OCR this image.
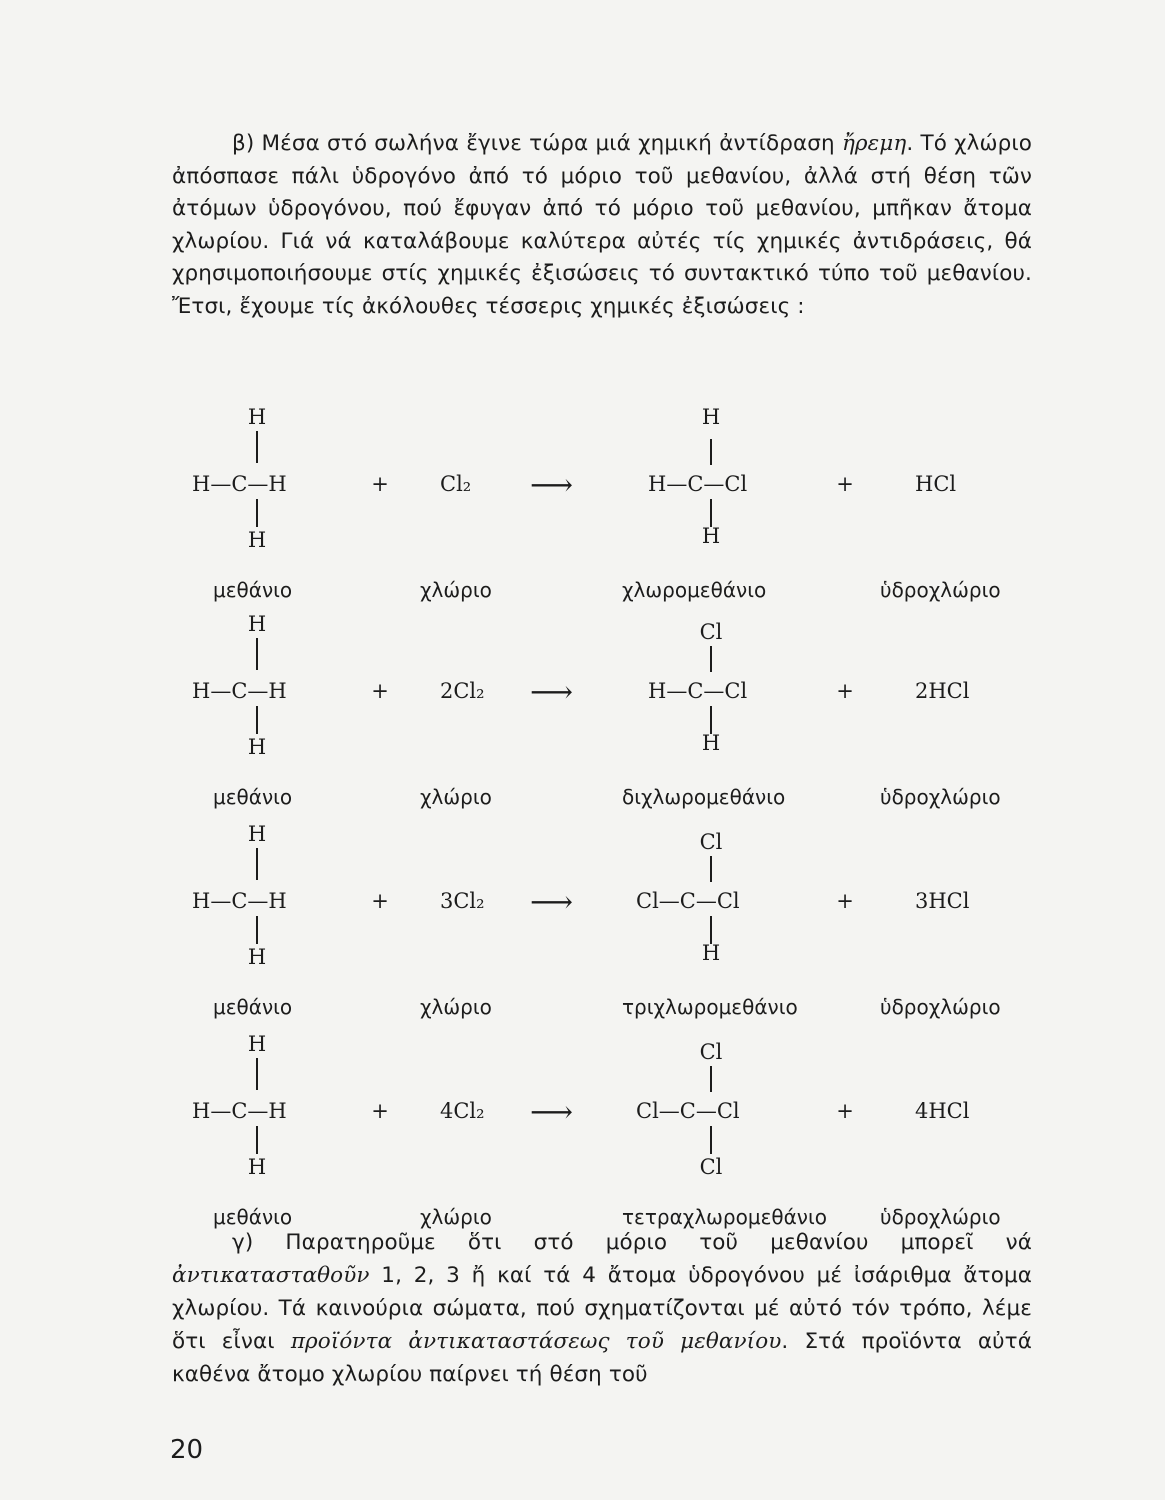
β) Μέσα στό σωλήνα ἔγινε τώρα μιά χημική ἀντίδραση ἤρεμη. Τό χλώριο ἀπόσπασε πάλι ὑδρογόνο ἀπό τό μόριο τοῦ μεθανίου, ἀλλά στή θέση τῶν ἀτόμων ὑδρογόνου, πού ἔφυγαν ἀπό τό μόριο τοῦ μεθανίου, μπῆκαν ἄτομα χλωρίου. Γιά νά καταλάβουμε καλύτερα αὐτές τίς χημικές ἀντιδράσεις, θά χρησιμοποιήσουμε στίς χημικές ἐξισώσεις τό συντακτικό τύπο τοῦ μεθανίου. Ἔτσι, ἔχουμε τίς ἀκόλουθες τέσσερις χημικές ἐξισώσεις :

H
H—C—H
H
+ Cl₂ ⟶
H
H—C—Cl
H
+	HCl
μεθάνιο	χλώριο	χλωρομεθάνιο	ὑδροχλώριο
H
H—C—H
H
+ 2Cl₂ ⟶
Cl
H—C—Cl
H
+	2HCl
μεθάνιο	χλώριο	διχλωρομεθάνιο	ὑδροχλώριο
H
H—C—H
H
+ 3Cl₂ ⟶
Cl
Cl—C—Cl
H
+	3HCl
μεθάνιο	χλώριο	τριχλωρομεθάνιο	ὑδροχλώριο
H
H—C—H
H
+ 4Cl₂ ⟶
Cl
Cl—C—Cl
Cl
+	4HCl
μεθάνιο	χλώριο	τετραχλωρομεθάνιο	ὑδροχλώριο

γ) Παρατηροῦμε ὅτι στό μόριο τοῦ μεθανίου μπορεῖ νά ἀντικατασταθοῦν 1, 2, 3 ἤ καί τά 4 ἄτομα ὑδρογόνου μέ ἰσάριθμα ἄτομα χλωρίου. Τά καινούρια σώματα, πού σχηματίζονται μέ αὐτό τόν τρόπο, λέμε ὅτι εἶναι προϊόντα ἀντικαταστάσεως τοῦ μεθανίου. Στά προϊόντα αὐτά καθένα ἄτομο χλωρίου παίρνει τή θέση τοῦ

20
